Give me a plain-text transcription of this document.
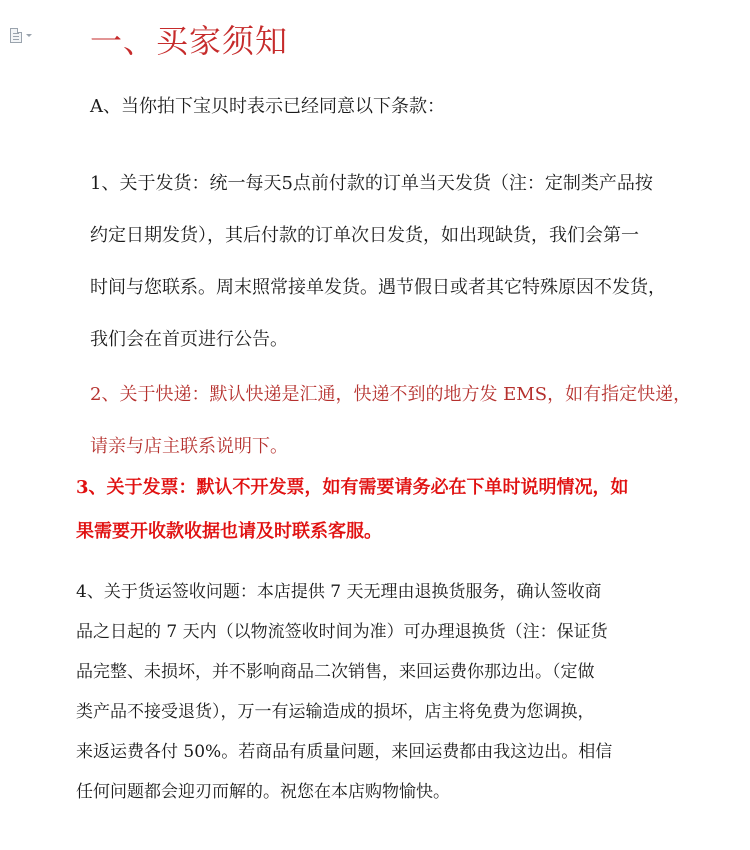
一、买家须知

A、当你拍下宝贝时表示已经同意以下条款：

1、关于发货：统一每天5点前付款的订单当天发货（注：定制类产品按
约定日期发货），其后付款的订单次日发货，如出现缺货，我们会第一
时间与您联系。周末照常接单发货。遇节假日或者其它特殊原因不发货，
我们会在首页进行公告。
2、关于快递：默认快递是汇通，快递不到的地方发 EMS，如有指定快递，
请亲与店主联系说明下。
3、关于发票：默认不开发票，如有需要请务必在下单时说明情况，如
果需要开收款收据也请及时联系客服。
4、关于货运签收问题：本店提供 7 天无理由退换货服务，确认签收商
品之日起的 7 天内（以物流签收时间为准）可办理退换货（注：保证货
品完整、未损坏，并不影响商品二次销售，来回运费你那边出。（定做
类产品不接受退货），万一有运输造成的损坏，店主将免费为您调换，
来返运费各付 50%。若商品有质量问题，来回运费都由我这边出。相信
任何问题都会迎刃而解的。祝您在本店购物愉快。
